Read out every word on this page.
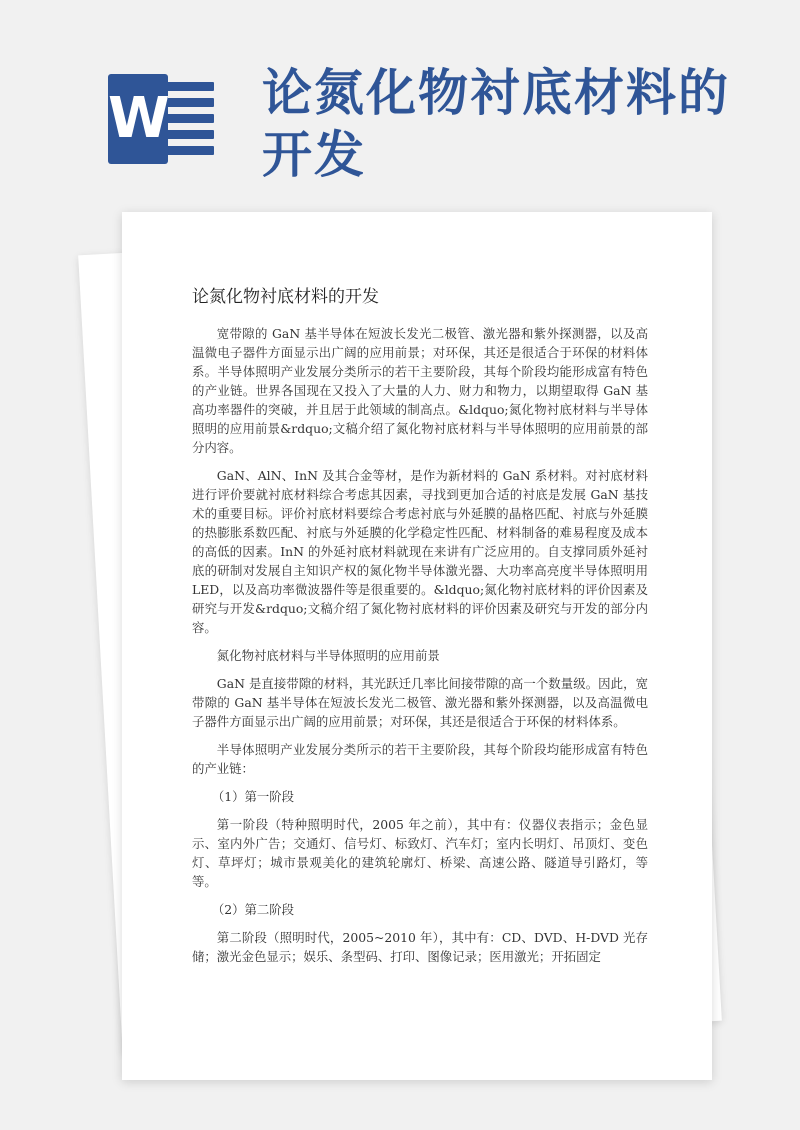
W 论氮化物衬底材料的开发
论氮化物衬底材料的开发

宽带隙的 GaN 基半导体在短波长发光二极管、激光器和紫外探测器，以及高温微电子器件方面显示出广阔的应用前景；对环保，其还是很适合于环保的材料体系。半导体照明产业发展分类所示的若干主要阶段，其每个阶段均能形成富有特色的产业链。世界各国现在又投入了大量的人力、财力和物力，以期望取得 GaN 基高功率器件的突破，并且居于此领域的制高点。&ldquo;氮化物衬底材料与半导体照明的应用前景&rdquo;文稿介绍了氮化物衬底材料与半导体照明的应用前景的部分内容。

GaN、AlN、InN 及其合金等材，是作为新材料的 GaN 系材料。对衬底材料进行评价要就衬底材料综合考虑其因素，寻找到更加合适的衬底是发展 GaN 基技术的重要目标。评价衬底材料要综合考虑衬底与外延膜的晶格匹配、衬底与外延膜的热膨胀系数匹配、衬底与外延膜的化学稳定性匹配、材料制备的难易程度及成本的高低的因素。InN 的外延衬底材料就现在来讲有广泛应用的。自支撑同质外延衬底的研制对发展自主知识产权的氮化物半导体激光器、大功率高亮度半导体照明用 LED，以及高功率微波器件等是很重要的。&ldquo;氮化物衬底材料的评价因素及研究与开发&rdquo;文稿介绍了氮化物衬底材料的评价因素及研究与开发的部分内容。

氮化物衬底材料与半导体照明的应用前景

GaN 是直接带隙的材料，其光跃迁几率比间接带隙的高一个数量级。因此，宽带隙的 GaN 基半导体在短波长发光二极管、激光器和紫外探测器，以及高温微电子器件方面显示出广阔的应用前景；对环保，其还是很适合于环保的材料体系。

半导体照明产业发展分类所示的若干主要阶段，其每个阶段均能形成富有特色的产业链：

（1）第一阶段

第一阶段（特种照明时代，2005 年之前），其中有：仪器仪表指示；金色显示、室内外广告；交通灯、信号灯、标致灯、汽车灯；室内长明灯、吊顶灯、变色灯、草坪灯；城市景观美化的建筑轮廓灯、桥梁、高速公路、隧道导引路灯，等等。

（2）第二阶段

第二阶段（照明时代，2005~2010 年），其中有：CD、DVD、H-DVD 光存储；激光金色显示；娱乐、条型码、打印、图像记录；医用激光；开拓固定
